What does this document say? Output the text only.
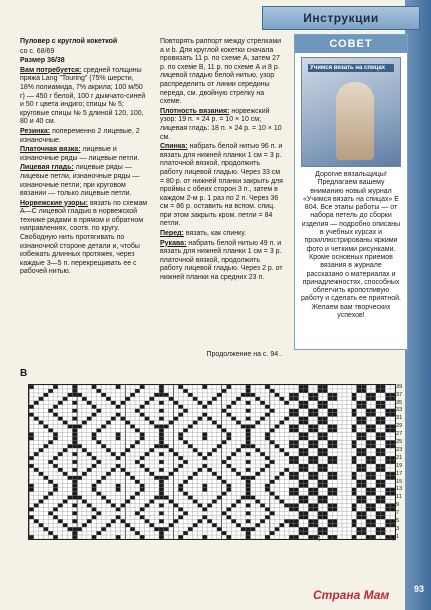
Инструкции

Пуловер с круглой кокеткой

со с. 68/69

Размер 36/38

Вам потребуется: средней толщины пряжа Lang "Touring" (75% шерсти, 18% полиамида, 7% акрила; 100 м/50 г) — 450 г белой, 100 г дымчато-синей и 50 г цвета индиго; спицы № 5; круговые спицы № 5 длиной 120, 100, 80 и 40 см.

Резинка: попеременно 2 лицевые, 2 изнаночные.

Платочная вязка: лицевые и изнаночные ряды — лицевые петли.

Лицевая гладь: лицевые ряды — лицевые петли, изнаночные ряды — изнаночные петли; при круговом вязании — только лицевые петли.

Норвежские узоры: вязать по схемам А—С лицевой гладью в норвежской технике рядами в прямом и обратном направлениях, соотв. по кругу. Свободную нить протягивать по изнаночной стороне детали и, чтобы избежать длинных протяжек, через каждые 3—5 п. перекрещивать ее с рабочей нитью.

Повторять раппорт между стрелками а и b. Для круглой кокетки сначала провязать 11 р. по схеме А, затем 27 р. по схеме В, 11 р. по схеме А и 8 р. лицевой гладью белой нитью, узор распределить от линии середины переда, см. двойную стрелку на схеме.

Плотность вязания: норвежский узор: 19 п. × 24 р. = 10 × 10 см; лицевая гладь: 18 п. × 24 р. = 10 × 10 см.

Спинка: набрать белой нитью 96 п. и вязать для нижней планки 1 см = 3 р. платочной вязкой, продолжить работу лицевой гладью. Через 33 см = 80 р. от нижней планки закрыть для проймы с обеих сторон 3 п., затем в каждом 2-м р. 1 раз по 2 п. Через 36 см = 86 р. оставить на вспом. спиц. при этом закрыть кром. петли = 84 петли.

Перед: вязать, как спинку.

Рукава: набрать белой нитью 49 п. и вязать для нижней планки 1 см = 3 р. платочной вязкой, продолжить работу лицевой гладью. Через 2 р. от нижней планки на средних 23 п.

Продолжение на с. 94 .
СОВЕТ
Учимся вязать на спицах
Дорогие вязальщицы! Предлагаем вашему вниманию новый журнал «Учимся вязать на спицах» Е 804. Все этапы работы — от набора петель до сборки изделия — подробно описаны в учебных курсах и проиллюстрированы яркими фото и четкими рисунками. Кроме основных приемов вязания в журнале рассказано о материалах и принадлежностях, способных облегчить кропотливую работу и сделать ее приятной. Желаем вам творческих успехов!
B
39
37
35
33
31
29
27
25
23
21
19
17
15
13
11
9
7
5
3
1
↑	↑
Страна Мам	93
